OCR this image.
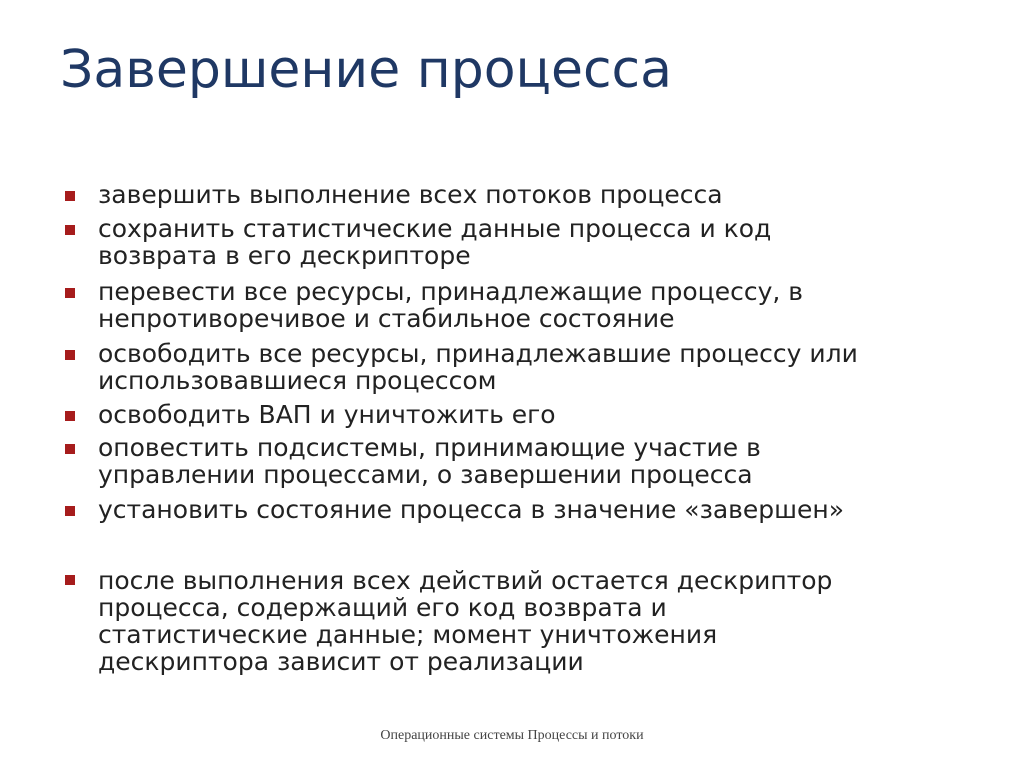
Завершение процесса
завершить выполнение всех потоков процесса
сохранить статистические данные процесса и код
возврата в его дескрипторе
перевести все ресурсы, принадлежащие процессу, в
непротиворечивое и стабильное состояние
освободить все ресурсы, принадлежавшие процессу или
использовавшиеся процессом
освободить ВАП и уничтожить его
оповестить подсистемы, принимающие участие в
управлении процессами, о завершении процесса
установить состояние процесса в значение «завершен»
после выполнения всех действий остается дескриптор
процесса, содержащий его код возврата и
статистические данные; момент уничтожения
дескриптора зависит от реализации
Операционные системы Процессы и потоки
